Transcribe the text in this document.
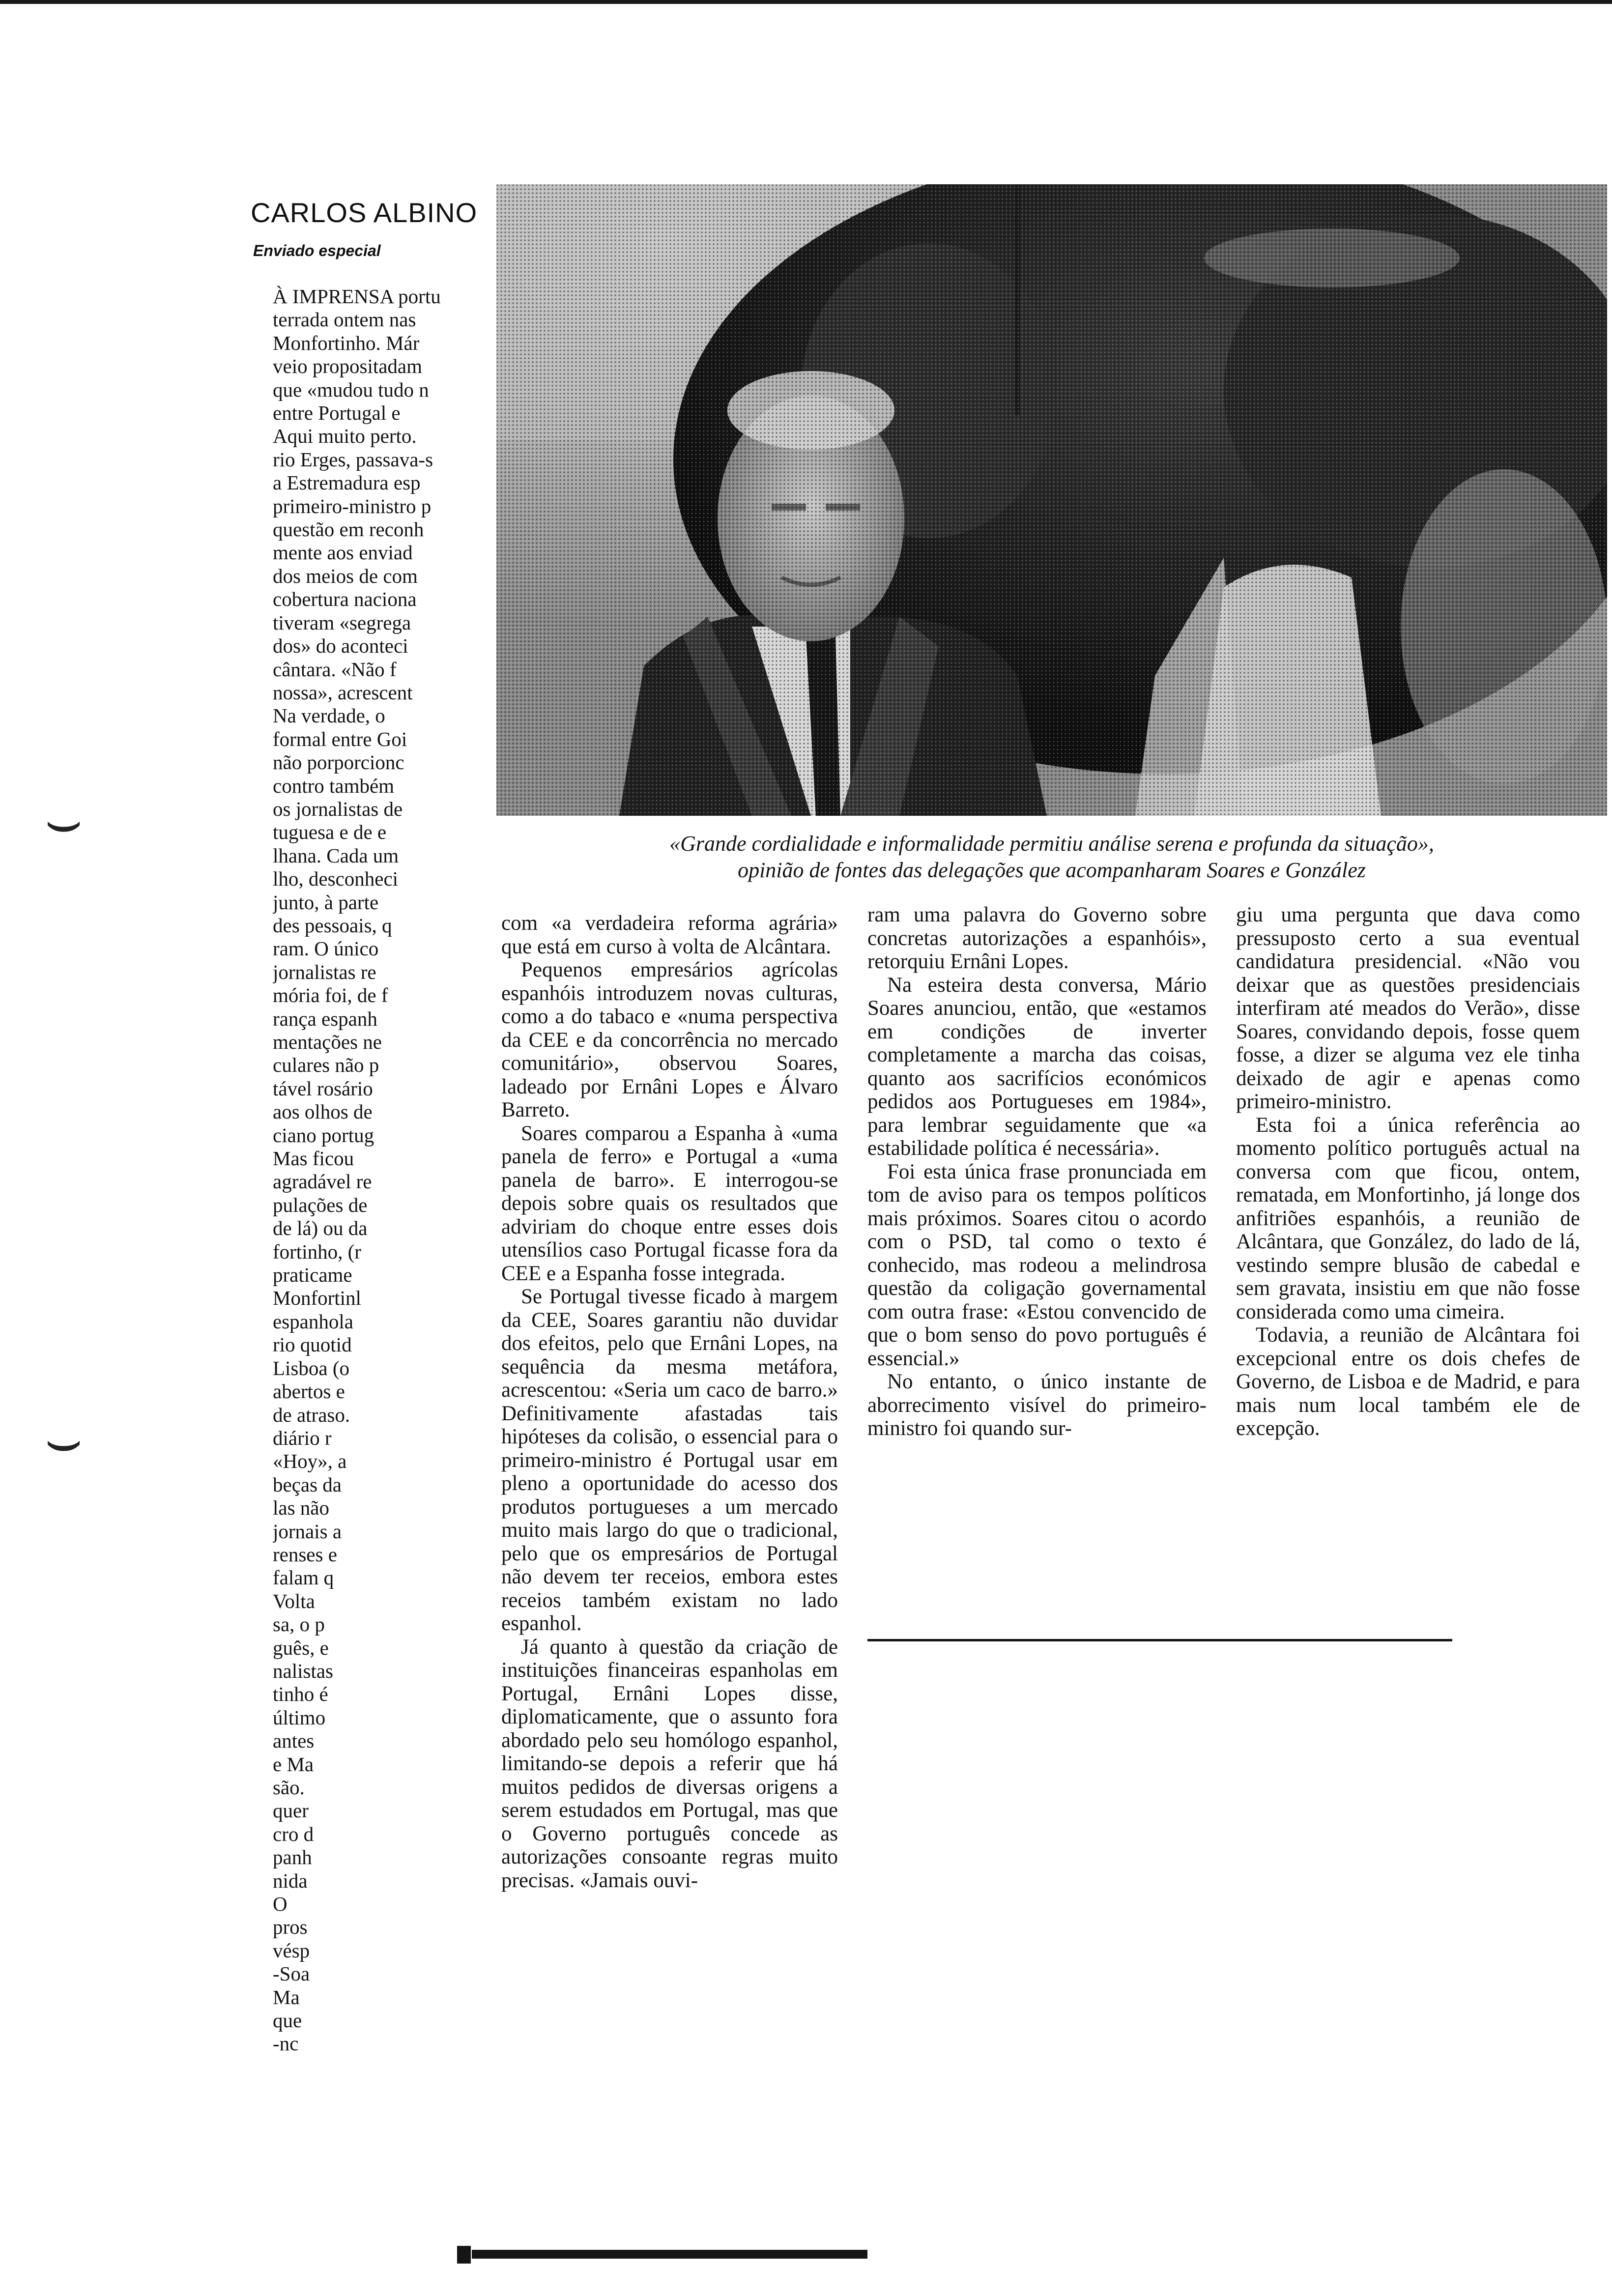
CARLOS ALBINO
Enviado especial

À IMPRENSA portu

terrada ontem nas

Monfortinho. Már

veio propositadam

que «mudou tudo n

entre Portugal e

Aqui muito perto.

rio Erges, passava-s

a Estremadura esp

primeiro-ministro p

questão em reconh

mente aos enviad

dos meios de com

cobertura naciona

tiveram «segrega

dos» do aconteci

cântara. «Não f

nossa», acrescent

Na verdade, o

formal entre Goi

não porporcionc

contro também

os jornalistas de

tuguesa e de e

lhana. Cada um

lho, desconheci

junto, à parte

des pessoais, q

ram. O único

jornalistas re

mória foi, de f

rança espanh

mentações ne

culares não p

tável rosário

aos olhos de

ciano portug

Mas ficou

agradável re

pulações de

de lá) ou da

fortinho, (r

praticame

Monfortinl

espanhola

rio quotid

Lisboa (o

abertos e

de atraso.

diário r

«Hoy», a

beças da

las não

jornais a

renses e

falam q

Volta

sa, o p

guês, e

nalistas

tinho é

último

antes

e Ma

são.

quer

cro d

panh

nida

O

pros

vésp

-Soa

Ma

que

-nc

«Grande cordialidade e informalidade permitiu análise serena e profunda da situação»,
opinião de fontes das delegações que acompanharam Soares e González

com «a verdadeira reforma agrária» que está em curso à volta de Alcântara.

Pequenos empresários agrícolas espanhóis introduzem novas culturas, como a do tabaco e «numa perspectiva da CEE e da concorrência no mercado comunitário», observou Soares, ladeado por Ernâni Lopes e Álvaro Barreto.

Soares comparou a Espanha à «uma panela de ferro» e Portugal a «uma panela de barro». E interrogou-se depois sobre quais os resultados que adviriam do choque entre esses dois utensílios caso Portugal ficasse fora da CEE e a Espanha fosse integrada.

Se Portugal tivesse ficado à margem da CEE, Soares garantiu não duvidar dos efeitos, pelo que Ernâni Lopes, na sequência da mesma metáfora, acrescentou: «Seria um caco de barro.» Definitivamente afastadas tais hipóteses da colisão, o essencial para o primeiro-ministro é Portugal usar em pleno a oportunidade do acesso dos produtos portugueses a um mercado muito mais largo do que o tradicional, pelo que os empresários de Portugal não devem ter receios, embora estes receios também existam no lado espanhol.

Já quanto à questão da criação de instituições financeiras espanholas em Portugal, Ernâni Lopes disse, diplomaticamente, que o assunto fora abordado pelo seu homólogo espanhol, limitando-se depois a referir que há muitos pedidos de diversas origens a serem estudados em Portugal, mas que o Governo português concede as autorizações consoante regras muito precisas. «Jamais ouvi-

ram uma palavra do Governo sobre concretas autorizações a espanhóis», retorquiu Ernâni Lopes.

Na esteira desta conversa, Mário Soares anunciou, então, que «estamos em condições de inverter completamente a marcha das coisas, quanto aos sacrifícios económicos pedidos aos Portugueses em 1984», para lembrar seguidamente que «a estabilidade política é necessária».

Foi esta única frase pronunciada em tom de aviso para os tempos políticos mais próximos. Soares citou o acordo com o PSD, tal como o texto é conhecido, mas rodeou a melindrosa questão da coligação governamental com outra frase: «Estou convencido de que o bom senso do povo português é essencial.»

No entanto, o único instante de aborrecimento visível do primeiro-ministro foi quando sur-

giu uma pergunta que dava como pressuposto certo a sua eventual candidatura presidencial. «Não vou deixar que as questões presidenciais interfiram até meados do Verão», disse Soares, convidando depois, fosse quem fosse, a dizer se alguma vez ele tinha deixado de agir e apenas como primeiro-ministro.

Esta foi a única referência ao momento político português actual na conversa com que ficou, ontem, rematada, em Monfortinho, já longe dos anfitriões espanhóis, a reunião de Alcântara, que González, do lado de lá, vestindo sempre blusão de cabedal e sem gravata, insistiu em que não fosse considerada como uma cimeira.

Todavia, a reunião de Alcântara foi excepcional entre os dois chefes de Governo, de Lisboa e de Madrid, e para mais num local também ele de excepção.

⌣
⌣
